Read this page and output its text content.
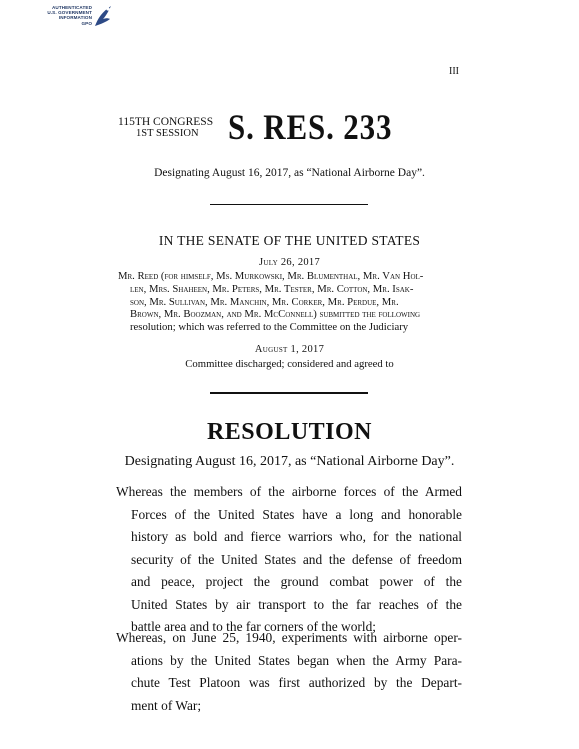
AUTHENTICATED
U.S. GOVERNMENT
INFORMATION
GPO
III
115TH CONGRESS
1ST SESSION S. RES. 233
Designating August 16, 2017, as “National Airborne Day”.
IN THE SENATE OF THE UNITED STATES
July 26, 2017
Mr. Reed (for himself, Ms. Murkowski, Mr. Blumenthal, Mr. Van Hol-
len, Mrs. Shaheen, Mr. Peters, Mr. Tester, Mr. Cotton, Mr. Isak-
son, Mr. Sullivan, Mr. Manchin, Mr. Corker, Mr. Perdue, Mr.
Brown, Mr. Boozman, and Mr. McConnell) submitted the following
resolution; which was referred to the Committee on the Judiciary
August 1, 2017
Committee discharged; considered and agreed to
RESOLUTION
Designating August 16, 2017, as “National Airborne Day”.
Whereas the members of the airborne forces of the Armed
Forces of the United States have a long and honorable
history as bold and fierce warriors who, for the national
security of the United States and the defense of freedom
and peace, project the ground combat power of the
United States by air transport to the far reaches of the
battle area and to the far corners of the world;
Whereas, on June 25, 1940, experiments with airborne oper-
ations by the United States began when the Army Para-
chute Test Platoon was first authorized by the Depart-
ment of War;
